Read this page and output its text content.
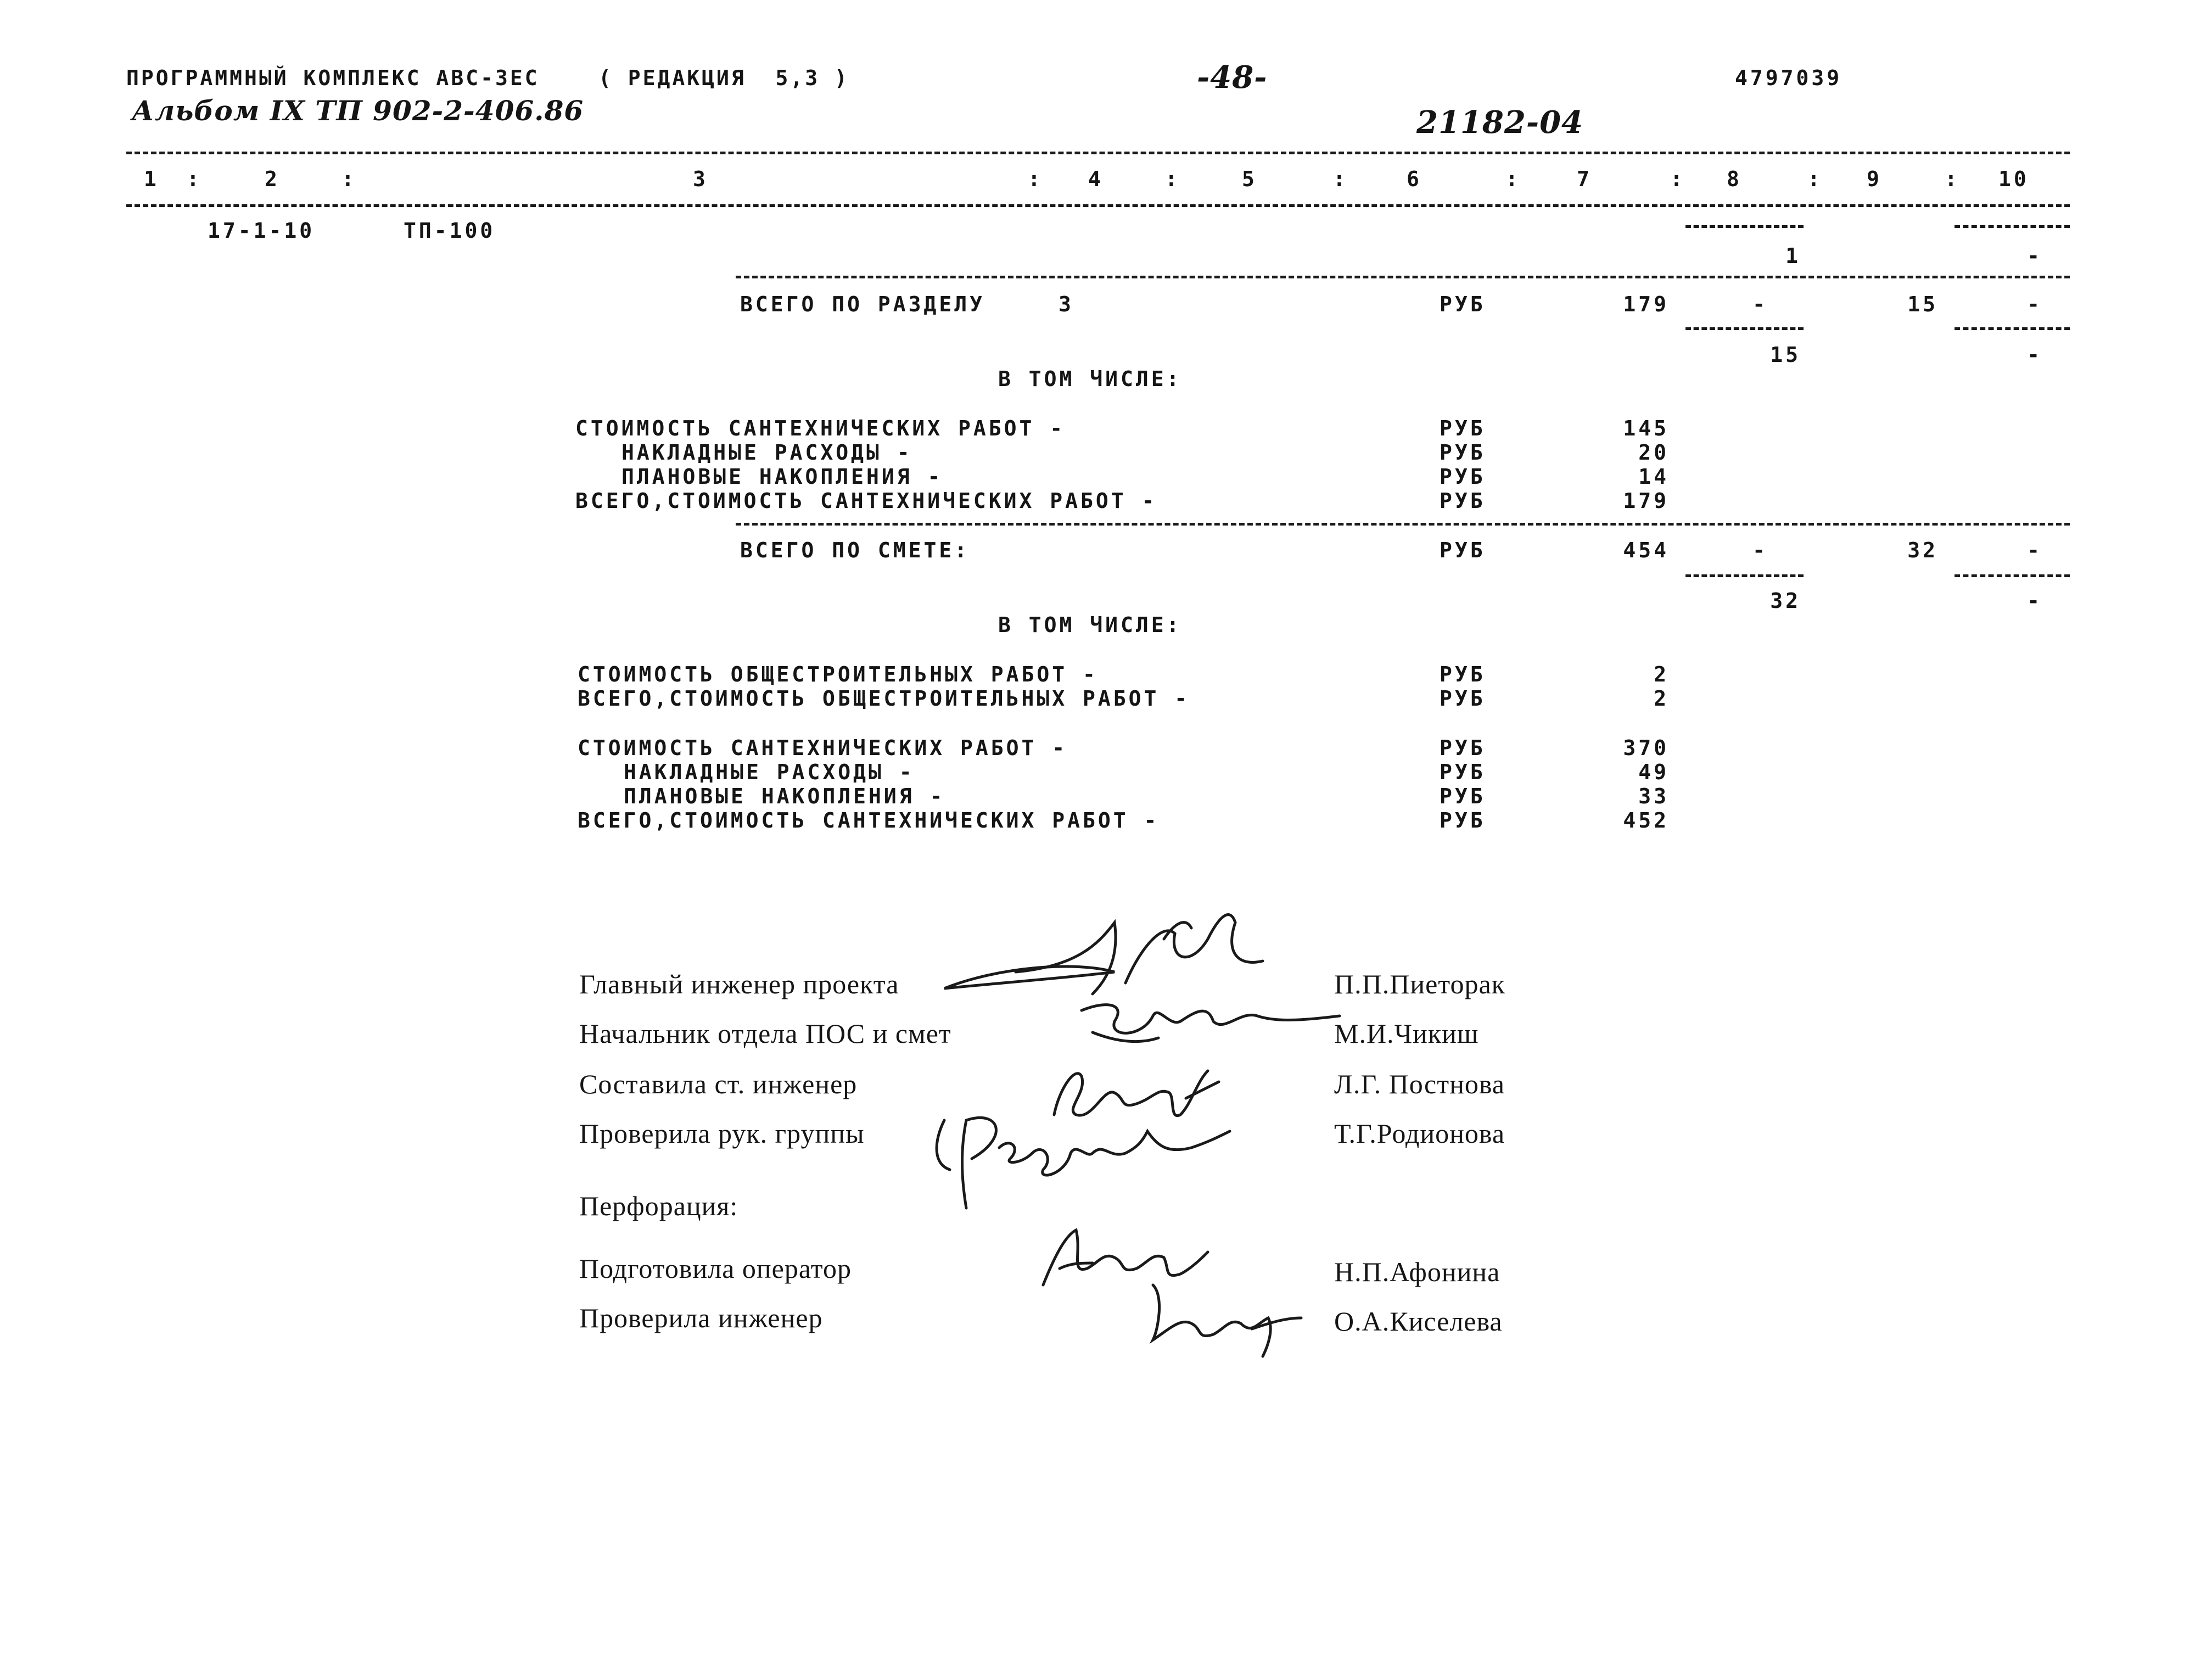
ПРОГРАММНЫЙ КОМПЛЕКС АВС-ЗЕС	( РЕДАКЦИЯ  5,3 )	-48-	4797039
Альбом IX ТП 902-2-406.86	21182-04
1 :	2	:	3	: 4	:	5	:	6	:	7	: 8	: 9	: 10
17-1-10	ТП-100
1	-
ВСЕГО ПО РАЗДЕЛУ	3	РУБ	179	-	15	-
15	-
В ТОМ ЧИСЛЕ:
СТОИМОСТЬ САНТЕХНИЧЕСКИХ РАБОТ -	РУБ	145
НАКЛАДНЫЕ РАСХОДЫ -	РУБ	20
ПЛАНОВЫЕ НАКОПЛЕНИЯ -	РУБ	14
ВСЕГО,СТОИМОСТЬ САНТЕХНИЧЕСКИХ РАБОТ -	РУБ	179
ВСЕГО ПО СМЕТЕ:	РУБ	454	-	32	-
32	-
В ТОМ ЧИСЛЕ:
СТОИМОСТЬ ОБЩЕСТРОИТЕЛЬНЫХ РАБОТ -	РУБ	2
ВСЕГО,СТОИМОСТЬ ОБЩЕСТРОИТЕЛЬНЫХ РАБОТ -	РУБ	2
СТОИМОСТЬ САНТЕХНИЧЕСКИХ РАБОТ -	РУБ	370
НАКЛАДНЫЕ РАСХОДЫ -	РУБ	49
ПЛАНОВЫЕ НАКОПЛЕНИЯ -	РУБ	33
ВСЕГО,СТОИМОСТЬ САНТЕХНИЧЕСКИХ РАБОТ -	РУБ	452
Главный инженер проекта	П.П.Пиеторак
Начальник отдела ПОС и смет	М.И.Чикиш
Составила ст. инженер	Л.Г. Постнова
Проверила рук. группы	Т.Г.Родионова
Перфорация:
Подготовила оператор	Н.П.Афонина
Проверила инженер	О.А.Киселева
